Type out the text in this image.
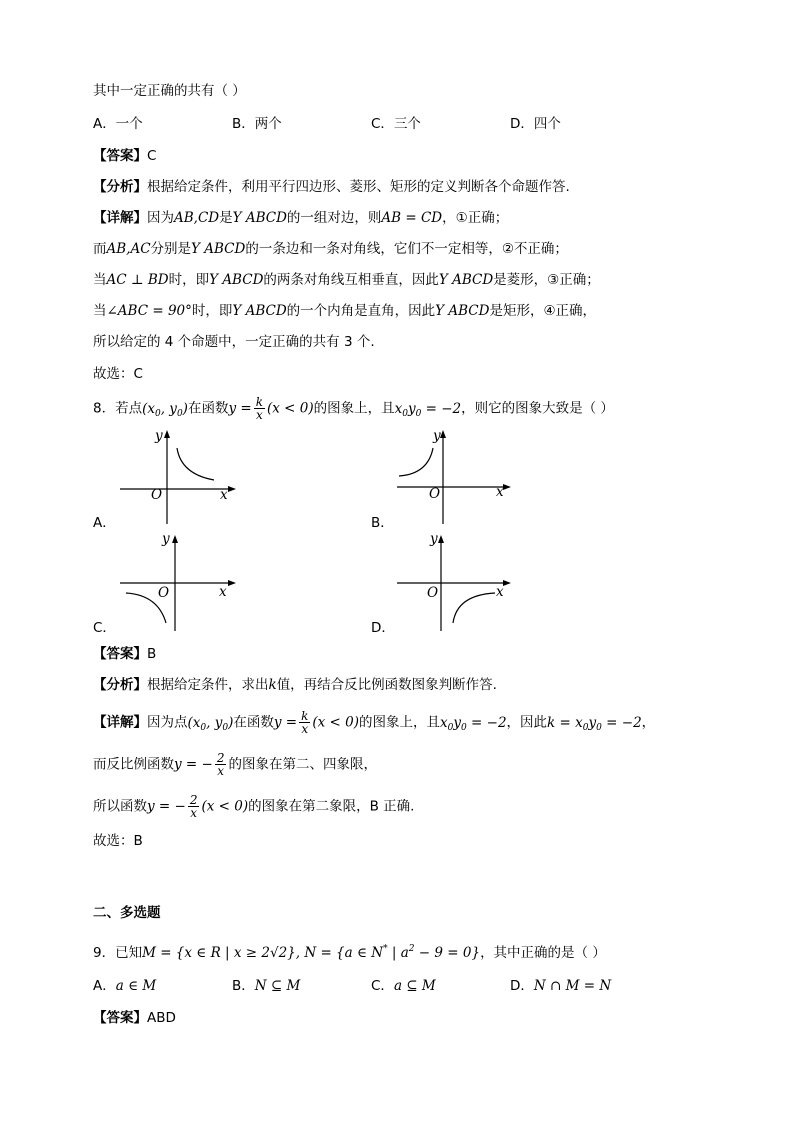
其中一定正确的共有（ ）
A．一个	B．两个	C．三个	D．四个
【答案】C
【分析】根据给定条件，利用平行四边形、菱形、矩形的定义判断各个命题作答.
【详解】因为AB,CD是Y ABCD的一组对边，则AB = CD，①正确；
而AB,AC分别是Y ABCD的一条边和一条对角线，它们不一定相等，②不正确；
当AC ⊥ BD时，即Y ABCD的两条对角线互相垂直，因此Y ABCD是菱形，③正确；
当∠ABC = 90°时，即Y ABCD的一个内角是直角，因此Y ABCD是矩形，④正确，
所以给定的 4 个命题中，一定正确的共有 3 个.
故选：C
8．若点($x_0$, $y_0$)在函数$y = \frac{k}{x} (x < 0)$的图象上，且$x_0y_0 = -2$，则它的图象大致是（ ）
y
x
O
A．
y
x
O
B．
y
x
O
C．
y
x
O
D．
【答案】B
【分析】根据给定条件，求出k值，再结合反比例函数图象判断作答.
【详解】因为点($x_0$, $y_0$)在函数$y = \frac{k}{x} (x < 0)$的图象上，且$x_0y_0 = -2$，因此$k = x_0y_0 = -2$，
而反比例函数y = − $\frac{2}{x}$ 的图象在第二、四象限，
所以函数y = − $\frac{2}{x} (x < 0)$的图象在第二象限，B 正确.
故选：B
二、多选题
9．已知M = {x ∈ R | x ≥ 2√2}, N = {a ∈ N* | $a^2 - 9 = 0$}，其中正确的是（ ）
A．a ∈ M	B．N ⊆ M	C．a ⊆ M	D．N ∩ M = N
【答案】ABD
